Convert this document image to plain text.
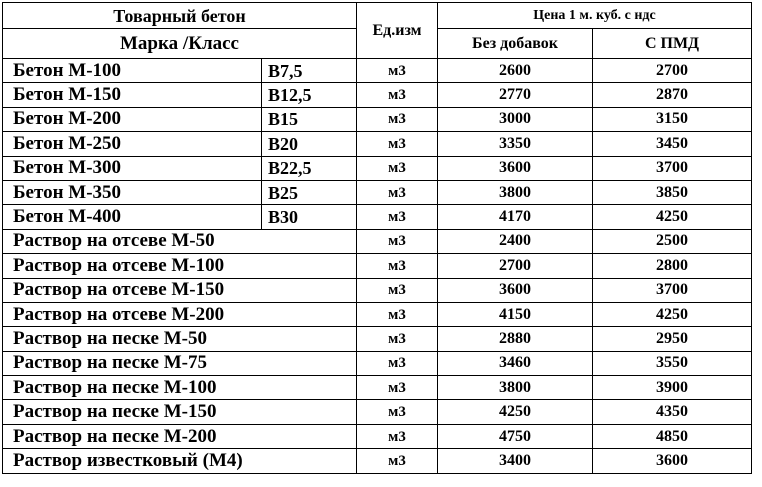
Товарный бетон		Ед.изм	Цена 1 м. куб. с ндс	
Марка /Класс			Без добавок	С ПМД
Бетон М-100	В7,5	м3	2600	2700
Бетон М-150	В12,5	м3	2770	2870
Бетон М-200	В15	м3	3000	3150
Бетон М-250	В20	м3	3350	3450
Бетон М-300	В22,5	м3	3600	3700
Бетон М-350	В25	м3	3800	3850
Бетон М-400	В30	м3	4170	4250
Раствор на отсеве М-50		м3	2400	2500
Раствор на отсеве М-100		м3	2700	2800
Раствор на отсеве М-150		м3	3600	3700
Раствор на отсеве М-200		м3	4150	4250
Раствор на песке М-50		м3	2880	2950
Раствор на песке М-75		м3	3460	3550
Раствор на песке М-100		м3	3800	3900
Раствор на песке М-150		м3	4250	4350
Раствор на песке М-200		м3	4750	4850
Раствор известковый (М4)		м3	3400	3600
